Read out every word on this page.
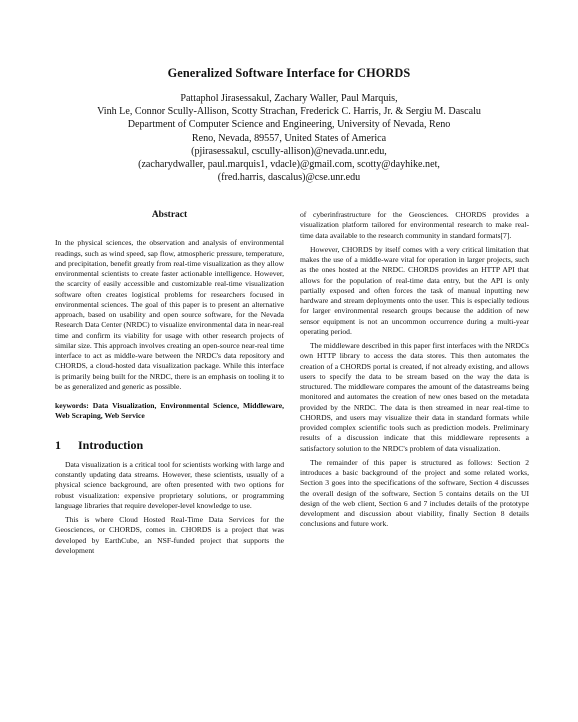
Generalized Software Interface for CHORDS
Pattaphol Jirasessakul, Zachary Waller, Paul Marquis,
Vinh Le, Connor Scully-Allison, Scotty Strachan, Frederick C. Harris, Jr. & Sergiu M. Dascalu
Department of Computer Science and Engineering, University of Nevada, Reno
Reno, Nevada, 89557, United States of America
(pjirasessakul, cscully-allison)@nevada.unr.edu,
(zacharydwaller, paul.marquis1, vdacle)@gmail.com, scotty@dayhike.net,
(fred.harris, dascalus)@cse.unr.edu
Abstract

In the physical sciences, the observation and analysis of environmental readings, such as wind speed, sap flow, atmospheric pressure, temperature, and precipitation, benefit greatly from real-time visualization as they allow environmental scientists to create faster actionable intelligence. However, the scarcity of easily accessible and customizable real-time visualization software often creates logistical problems for researchers focused in environmental sciences. The goal of this paper is to present an alternative approach, based on usability and open source software, for the Nevada Research Data Center (NRDC) to visualize environmental data in near-real time and confirm its viability for usage with other research projects of similar size. This approach involves creating an open-source near-real time interface to act as middle-ware between the NRDC's data repository and CHORDS, a cloud-hosted data visualization package. While this interface is primarily being built for the NRDC, there is an emphasis on tooling it to be as generalized and generic as possible.

keywords: Data Visualization, Environmental Science, Middleware, Web Scraping, Web Service

1 Introduction

Data visualization is a critical tool for scientists working with large and constantly updating data streams. However, these scientists, usually of a physical science background, are often presented with two options for robust visualization: expensive proprietary solutions, or programming language libraries that require developer-level knowledge to use.

This is where Cloud Hosted Real-Time Data Services for the Geosciences, or CHORDS, comes in. CHORDS is a project that was developed by EarthCube, an NSF-funded project that supports the development

of cyberinfrastructure for the Geosciences. CHORDS provides a visualization platform tailored for environmental research to make real-time data available to the research community in standard formats[7].

However, CHORDS by itself comes with a very critical limitation that makes the use of a middle-ware vital for operation in larger projects, such as the ones hosted at the NRDC. CHORDS provides an HTTP API that allows for the population of real-time data entry, but the API is only partially exposed and often forces the task of manual inputting new hardware and stream deployments onto the user. This is especially tedious for larger environmental research groups because the addition of new sensor equipment is not an uncommon occurrence during a multi-year operating period.

The middleware described in this paper first interfaces with the NRDCs own HTTP library to access the data stores. This then automates the creation of a CHORDS portal is created, if not already existing, and allows users to specify the data to be stream based on the way the data is structured. The middleware compares the amount of the datastreams being monitored and automates the creation of new ones based on the metadata provided by the NRDC. The data is then streamed in near real-time to CHORDS, and users may visualize their data in standard formats while provided complex scientific tools such as prediction models. Preliminary results of a discussion indicate that this middleware represents a satisfactory solution to the NRDC's problem of data visualization.

The remainder of this paper is structured as follows: Section 2 introduces a basic background of the project and some related works, Section 3 goes into the specifications of the software, Section 4 discusses the overall design of the software, Section 5 contains details on the UI design of the web client, Section 6 and 7 includes details of the prototype development and discussion about viability, finally Section 8 details conclusions and future work.
